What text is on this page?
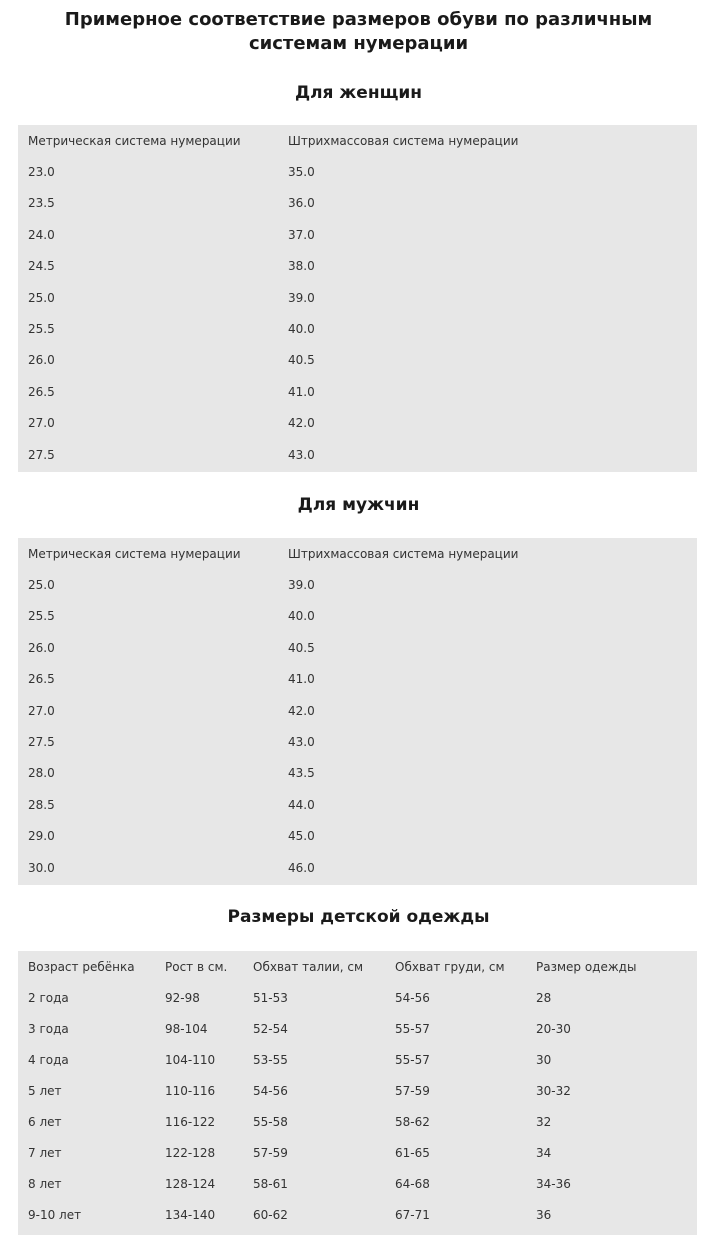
Примерное соответствие размеров обуви по различным
системам нумерации
Для женщин
Метрическая система нумерации	Штрихмассовая система нумерации
23.0	35.0
23.5	36.0
24.0	37.0
24.5	38.0
25.0	39.0
25.5	40.0
26.0	40.5
26.5	41.0
27.0	42.0
27.5	43.0
Для мужчин
Метрическая система нумерации	Штрихмассовая система нумерации
25.0	39.0
25.5	40.0
26.0	40.5
26.5	41.0
27.0	42.0
27.5	43.0
28.0	43.5
28.5	44.0
29.0	45.0
30.0	46.0
Размеры детской одежды
Возраст ребёнка	Рост в см.	Обхват талии, см	Обхват груди, см	Размер одежды
2 года	92-98	51-53	54-56	28
3 года	98-104	52-54	55-57	20-30
4 года	104-110	53-55	55-57	30
5 лет	110-116	54-56	57-59	30-32
6 лет	116-122	55-58	58-62	32
7 лет	122-128	57-59	61-65	34
8 лет	128-124	58-61	64-68	34-36
9-10 лет	134-140	60-62	67-71	36
